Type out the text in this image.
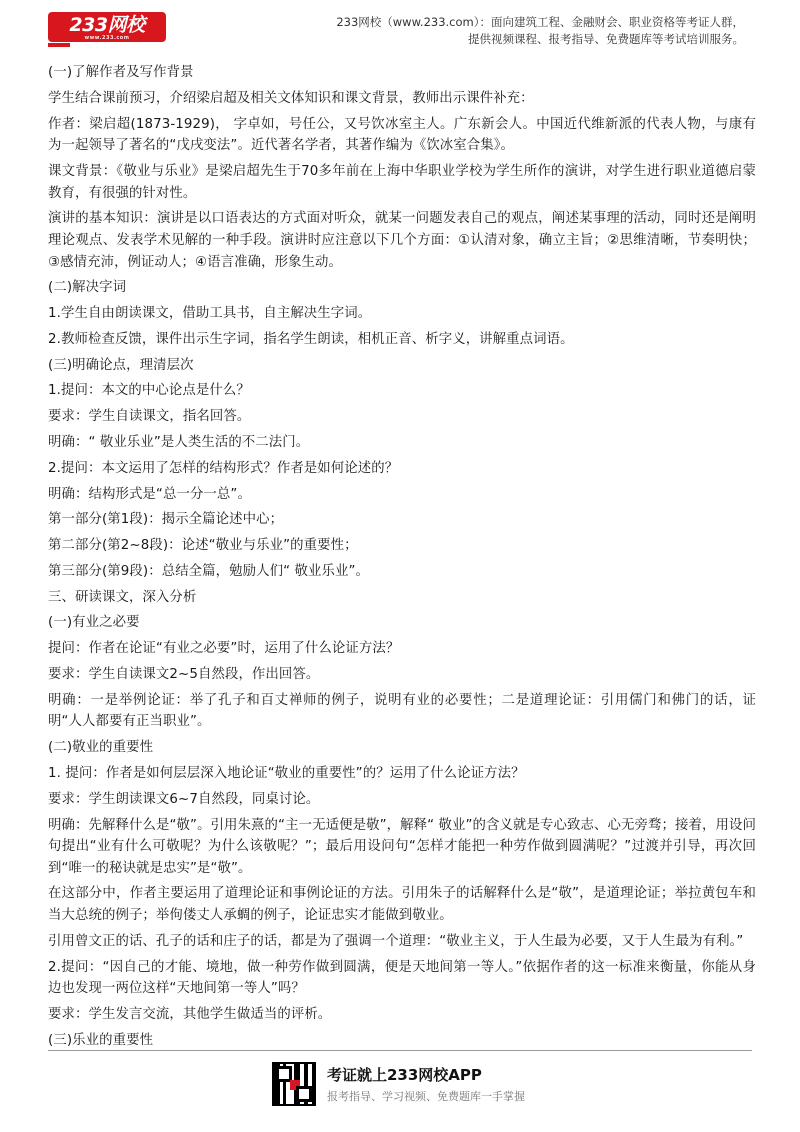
233网校
www.233.com
233网校（www.233.com）：面向建筑工程、金融财会、职业资格等考证人群，
提供视频课程、报考指导、免费题库等考试培训服务。

(一)了解作者及写作背景

学生结合课前预习，介绍梁启超及相关文体知识和课文背景，教师出示课件补充：

作者：梁启超(1873-1929)， 字卓如，号任公，又号饮冰室主人。广东新会人。中国近代维新派的代表人物，与康有为一起领导了著名的“戊戌变法”。近代著名学者，其著作编为《饮冰室合集》。

课文背景：《敬业与乐业》是梁启超先生于70多年前在上海中华职业学校为学生所作的演讲，对学生进行职业道德启蒙教育，有很强的针对性。

演讲的基本知识：演讲是以口语表达的方式面对听众，就某一问题发表自己的观点，阐述某事理的活动，同时还是阐明理论观点、发表学术见解的一种手段。演讲时应注意以下几个方面：①认清对象，确立主旨；②思维清晰，节奏明快；③感情充沛，例证动人；④语言准确，形象生动。

(二)解决字词

1.学生自由朗读课文，借助工具书，自主解决生字词。

2.教师检查反馈，课件出示生字词，指名学生朗读，相机正音、析字义，讲解重点词语。

(三)明确论点，理清层次

1.提问：本文的中心论点是什么？

要求：学生自读课文，指名回答。

明确：“ 敬业乐业”是人类生活的不二法门。

2.提问：本文运用了怎样的结构形式？作者是如何论述的？

明确：结构形式是“总一分一总”。

第一部分(第1段)：揭示全篇论述中心；

第二部分(第2~8段)：论述“敬业与乐业”的重要性；

第三部分(第9段)：总结全篇，勉励人们“ 敬业乐业”。

三、研读课文，深入分析

(一)有业之必要

提问：作者在论证“有业之必要”时，运用了什么论证方法？

要求：学生自读课文2~5自然段，作出回答。

明确：一是举例论证：举了孔子和百丈禅师的例子，说明有业的必要性；二是道理论证：引用儒门和佛门的话，证明“人人都要有正当职业”。

(二)敬业的重要性

1. 提问：作者是如何层层深入地论证“敬业的重要性”的？运用了什么论证方法？

要求：学生朗读课文6~7自然段，同桌讨论。

明确：先解释什么是“敬”。引用朱熹的“主一无适便是敬”，解释“ 敬业”的含义就是专心致志、心无旁骛；接着，用设问句提出“业有什么可敬呢？为什么该敬呢？”；最后用设问句“怎样才能把一种劳作做到圆满呢？”过渡并引导，再次回到“唯一的秘诀就是忠实”是“敬”。

在这部分中，作者主要运用了道理论证和事例论证的方法。引用朱子的话解释什么是“敬”，是道理论证；举拉黄包车和当大总统的例子；举佝偻丈人承蜩的例子，论证忠实才能做到敬业。

引用曾文正的话、孔子的话和庄子的话，都是为了强调一个道理：“敬业主义，于人生最为必要，又于人生最为有利。”

2.提问：“因自己的才能、境地，做一种劳作做到圆满，便是天地间第一等人。”依据作者的这一标准来衡量，你能从身边也发现一两位这样“天地间第一等人”吗？

要求：学生发言交流，其他学生做适当的评析。

(三)乐业的重要性

考证就上233网校APP
报考指导、学习视频、免费题库一手掌握
